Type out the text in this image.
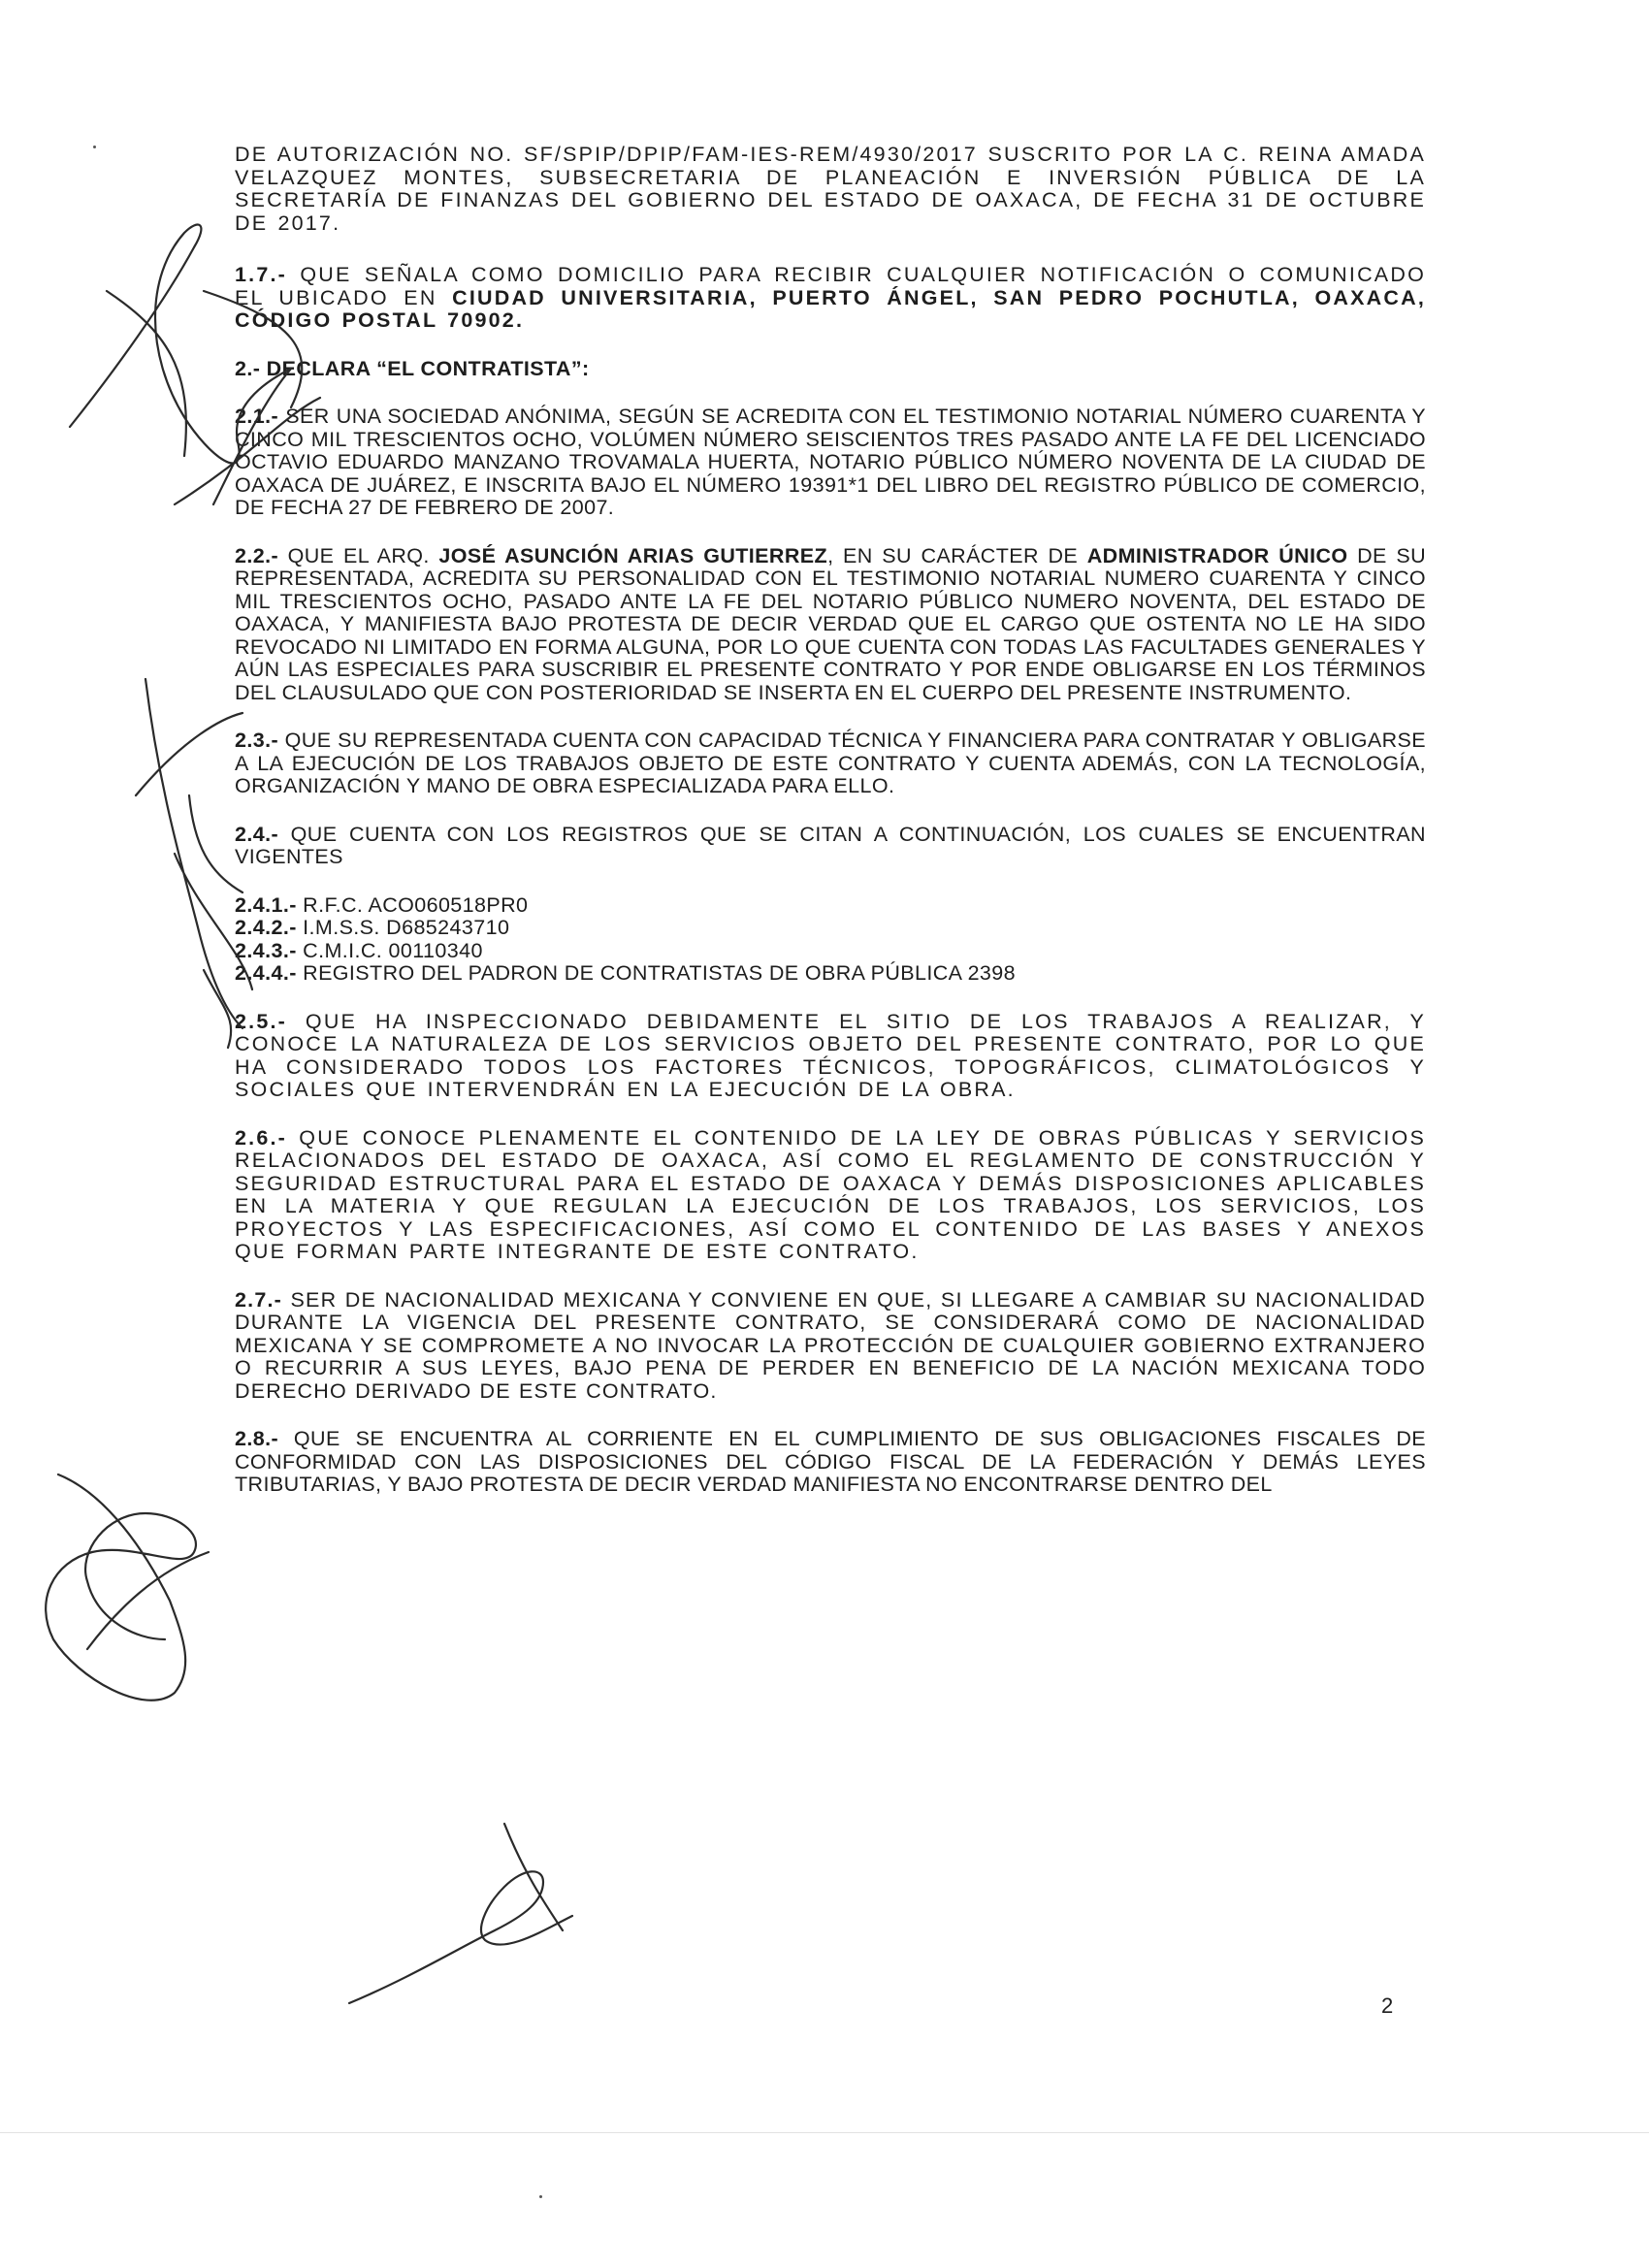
DE AUTORIZACIÓN NO. SF/SPIP/DPIP/FAM-IES-REM/4930/2017 SUSCRITO POR LA C. REINA AMADA VELAZQUEZ MONTES, SUBSECRETARIA DE PLANEACIÓN E INVERSIÓN PÚBLICA DE LA SECRETARÍA DE FINANZAS DEL GOBIERNO DEL ESTADO DE OAXACA, DE FECHA 31 DE OCTUBRE DE 2017.

1.7.- QUE SEÑALA COMO DOMICILIO PARA RECIBIR CUALQUIER NOTIFICACIÓN O COMUNICADO EL UBICADO EN CIUDAD UNIVERSITARIA, PUERTO ÁNGEL, SAN PEDRO POCHUTLA, OAXACA, CÓDIGO POSTAL 70902.

2.- DECLARA “EL CONTRATISTA”:

2.1.- SER UNA SOCIEDAD ANÓNIMA, SEGÚN SE ACREDITA CON EL TESTIMONIO NOTARIAL NÚMERO CUARENTA Y CINCO MIL TRESCIENTOS OCHO, VOLÚMEN NÚMERO SEISCIENTOS TRES PASADO ANTE LA FE DEL LICENCIADO OCTAVIO EDUARDO MANZANO TROVAMALA HUERTA, NOTARIO PÚBLICO NÚMERO NOVENTA DE LA CIUDAD DE OAXACA DE JUÁREZ, E INSCRITA BAJO EL NÚMERO 19391*1 DEL LIBRO DEL REGISTRO PÚBLICO DE COMERCIO, DE FECHA 27 DE FEBRERO DE 2007.

2.2.- QUE EL ARQ. JOSÉ ASUNCIÓN ARIAS GUTIERREZ, EN SU CARÁCTER DE ADMINISTRADOR ÚNICO DE SU REPRESENTADA, ACREDITA SU PERSONALIDAD CON EL TESTIMONIO NOTARIAL NUMERO CUARENTA Y CINCO MIL TRESCIENTOS OCHO, PASADO ANTE LA FE DEL NOTARIO PÚBLICO NUMERO NOVENTA, DEL ESTADO DE OAXACA, Y MANIFIESTA BAJO PROTESTA DE DECIR VERDAD QUE EL CARGO QUE OSTENTA NO LE HA SIDO REVOCADO NI LIMITADO EN FORMA ALGUNA, POR LO QUE CUENTA CON TODAS LAS FACULTADES GENERALES Y AÚN LAS ESPECIALES PARA SUSCRIBIR EL PRESENTE CONTRATO Y POR ENDE OBLIGARSE EN LOS TÉRMINOS DEL CLAUSULADO QUE CON POSTERIORIDAD SE INSERTA EN EL CUERPO DEL PRESENTE INSTRUMENTO.

2.3.- QUE SU REPRESENTADA CUENTA CON CAPACIDAD TÉCNICA Y FINANCIERA PARA CONTRATAR Y OBLIGARSE A LA EJECUCIÓN DE LOS TRABAJOS OBJETO DE ESTE CONTRATO Y CUENTA ADEMÁS, CON LA TECNOLOGÍA, ORGANIZACIÓN Y MANO DE OBRA ESPECIALIZADA PARA ELLO.

2.4.- QUE CUENTA CON LOS REGISTROS QUE SE CITAN A CONTINUACIÓN, LOS CUALES SE ENCUENTRAN VIGENTES

2.4.1.- R.F.C. ACO060518PR0

2.4.2.- I.M.S.S. D685243710

2.4.3.- C.M.I.C. 00110340

2.4.4.- REGISTRO DEL PADRON DE CONTRATISTAS DE OBRA PÚBLICA 2398

2.5.- QUE HA INSPECCIONADO DEBIDAMENTE EL SITIO DE LOS TRABAJOS A REALIZAR, Y CONOCE LA NATURALEZA DE LOS SERVICIOS OBJETO DEL PRESENTE CONTRATO, POR LO QUE HA CONSIDERADO TODOS LOS FACTORES TÉCNICOS, TOPOGRÁFICOS, CLIMATOLÓGICOS Y SOCIALES QUE INTERVENDRÁN EN LA EJECUCIÓN DE LA OBRA.

2.6.- QUE CONOCE PLENAMENTE EL CONTENIDO DE LA LEY DE OBRAS PÚBLICAS Y SERVICIOS RELACIONADOS DEL ESTADO DE OAXACA, ASÍ COMO EL REGLAMENTO DE CONSTRUCCIÓN Y SEGURIDAD ESTRUCTURAL PARA EL ESTADO DE OAXACA Y DEMÁS DISPOSICIONES APLICABLES EN LA MATERIA Y QUE REGULAN LA EJECUCIÓN DE LOS TRABAJOS, LOS SERVICIOS, LOS PROYECTOS Y LAS ESPECIFICACIONES, ASÍ COMO EL CONTENIDO DE LAS BASES Y ANEXOS QUE FORMAN PARTE INTEGRANTE DE ESTE CONTRATO.

2.7.- SER DE NACIONALIDAD MEXICANA Y CONVIENE EN QUE, SI LLEGARE A CAMBIAR SU NACIONALIDAD DURANTE LA VIGENCIA DEL PRESENTE CONTRATO, SE CONSIDERARÁ COMO DE NACIONALIDAD MEXICANA Y SE COMPROMETE A NO INVOCAR LA PROTECCIÓN DE CUALQUIER GOBIERNO EXTRANJERO O RECURRIR A SUS LEYES, BAJO PENA DE PERDER EN BENEFICIO DE LA NACIÓN MEXICANA TODO DERECHO DERIVADO DE ESTE CONTRATO.

2.8.- QUE SE ENCUENTRA AL CORRIENTE EN EL CUMPLIMIENTO DE SUS OBLIGACIONES FISCALES DE CONFORMIDAD CON LAS DISPOSICIONES DEL CÓDIGO FISCAL DE LA FEDERACIÓN Y DEMÁS LEYES TRIBUTARIAS, Y BAJO PROTESTA DE DECIR VERDAD MANIFIESTA NO ENCONTRARSE DENTRO DEL

2
